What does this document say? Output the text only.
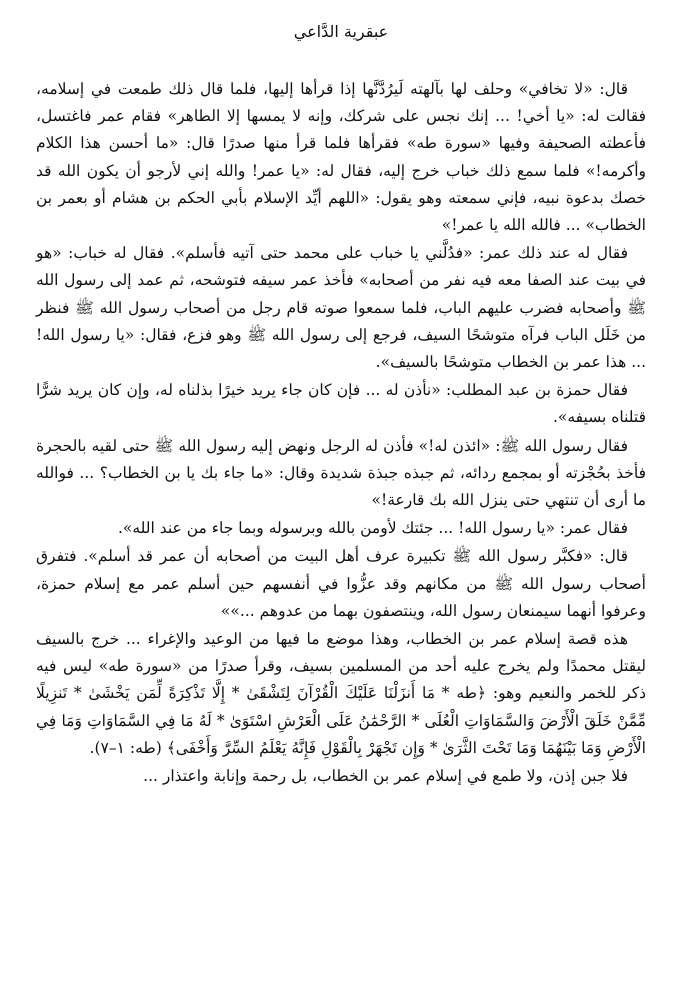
عبقرية الدَّاعي

قال: «لا تخافي» وحلف لها بآلهته لَيرُدَّنَّها إذا قرأها إليها، فلما قال ذلك طمعت في إسلامه، فقالت له: «يا أخي! ... إنك نجس على شركك، وإنه لا يمسها إلا الطاهر» فقام عمر فاغتسل، فأعطته الصحيفة وفيها «سورة طه» فقرأها فلما قرأ منها صدرًا قال: «ما أحسن هذا الكلام وأكرمه!» فلما سمع ذلك خباب خرج إليه، فقال له: «يا عمر! والله إني لأرجو أن يكون الله قد خصك بدعوة نبيه، فإني سمعته وهو يقول: «اللهم أيِّد الإسلام بأبي الحكم بن هشام أو بعمر بن الخطاب» ... فالله الله يا عمر!»

فقال له عند ذلك عمر: «فدُلَّني يا خباب على محمد حتى آتيه فأسلم». فقال له خباب: «هو في بيت عند الصفا معه فيه نفر من أصحابه» فأخذ عمر سيفه فتوشحه، ثم عمد إلى رسول الله ﷺ وأصحابه فضرب عليهم الباب، فلما سمعوا صوته قام رجل من أصحاب رسول الله ﷺ فنظر من خَلَل الباب فرآه متوشحًا السيف، فرجع إلى رسول الله ﷺ وهو فزع، فقال: «يا رسول الله! ... هذا عمر بن الخطاب متوشحًا بالسيف».

فقال حمزة بن عبد المطلب: «نأذن له ... فإن كان جاء يريد خيرًا بذلناه له، وإن كان يريد شرًّا قتلناه بسيفه».

فقال رسول الله ﷺ: «ائذن له!» فأذن له الرجل ونهض إليه رسول الله ﷺ حتى لقيه بالحجرة فأخذ بحُجْزته أو بمجمع ردائه، ثم جبذه جبذة شديدة وقال: «ما جاء بك يا بن الخطاب؟ ... فوالله ما أرى أن تنتهي حتى ينزل الله بك قارعة!»

فقال عمر: «يا رسول الله! ... جئتك لأومن بالله وبرسوله وبما جاء من عند الله».

قال: «فكبَّر رسول الله ﷺ تكبيرة عرف أهل البيت من أصحابه أن عمر قد أسلم». فتفرق أصحاب رسول الله ﷺ من مكانهم وقد عزُّوا في أنفسهم حين أسلم عمر مع إسلام حمزة، وعرفوا أنهما سيمنعان رسول الله، وينتصفون بهما من عدوهم ...»»

هذه قصة إسلام عمر بن الخطاب، وهذا موضع ما فيها من الوعيد والإغراء ... خرج بالسيف ليقتل محمدًا ولم يخرج عليه أحد من المسلمين بسيف، وقرأ صدرًا من «سورة طه» ليس فيه ذكر للخمر والنعيم وهو: ﴿طه * مَا أَنزَلْنَا عَلَيْكَ الْقُرْآنَ لِتَشْقَىٰ * إِلَّا تَذْكِرَةً لِّمَن يَخْشَىٰ * تَنزِيلًا مِّمَّنْ خَلَقَ الْأَرْضَ وَالسَّمَاوَاتِ الْعُلَى * الرَّحْمَٰنُ عَلَى الْعَرْشِ اسْتَوَىٰ * لَهُ مَا فِي السَّمَاوَاتِ وَمَا فِي الْأَرْضِ وَمَا بَيْنَهُمَا وَمَا تَحْتَ الثَّرَىٰ * وَإِن تَجْهَرْ بِالْقَوْلِ فَإِنَّهُ يَعْلَمُ السِّرَّ وَأَخْفَى﴾ (طه: ١–٧).

فلا جبن إذن، ولا طمع في إسلام عمر بن الخطاب، بل رحمة وإنابة واعتذار ...
